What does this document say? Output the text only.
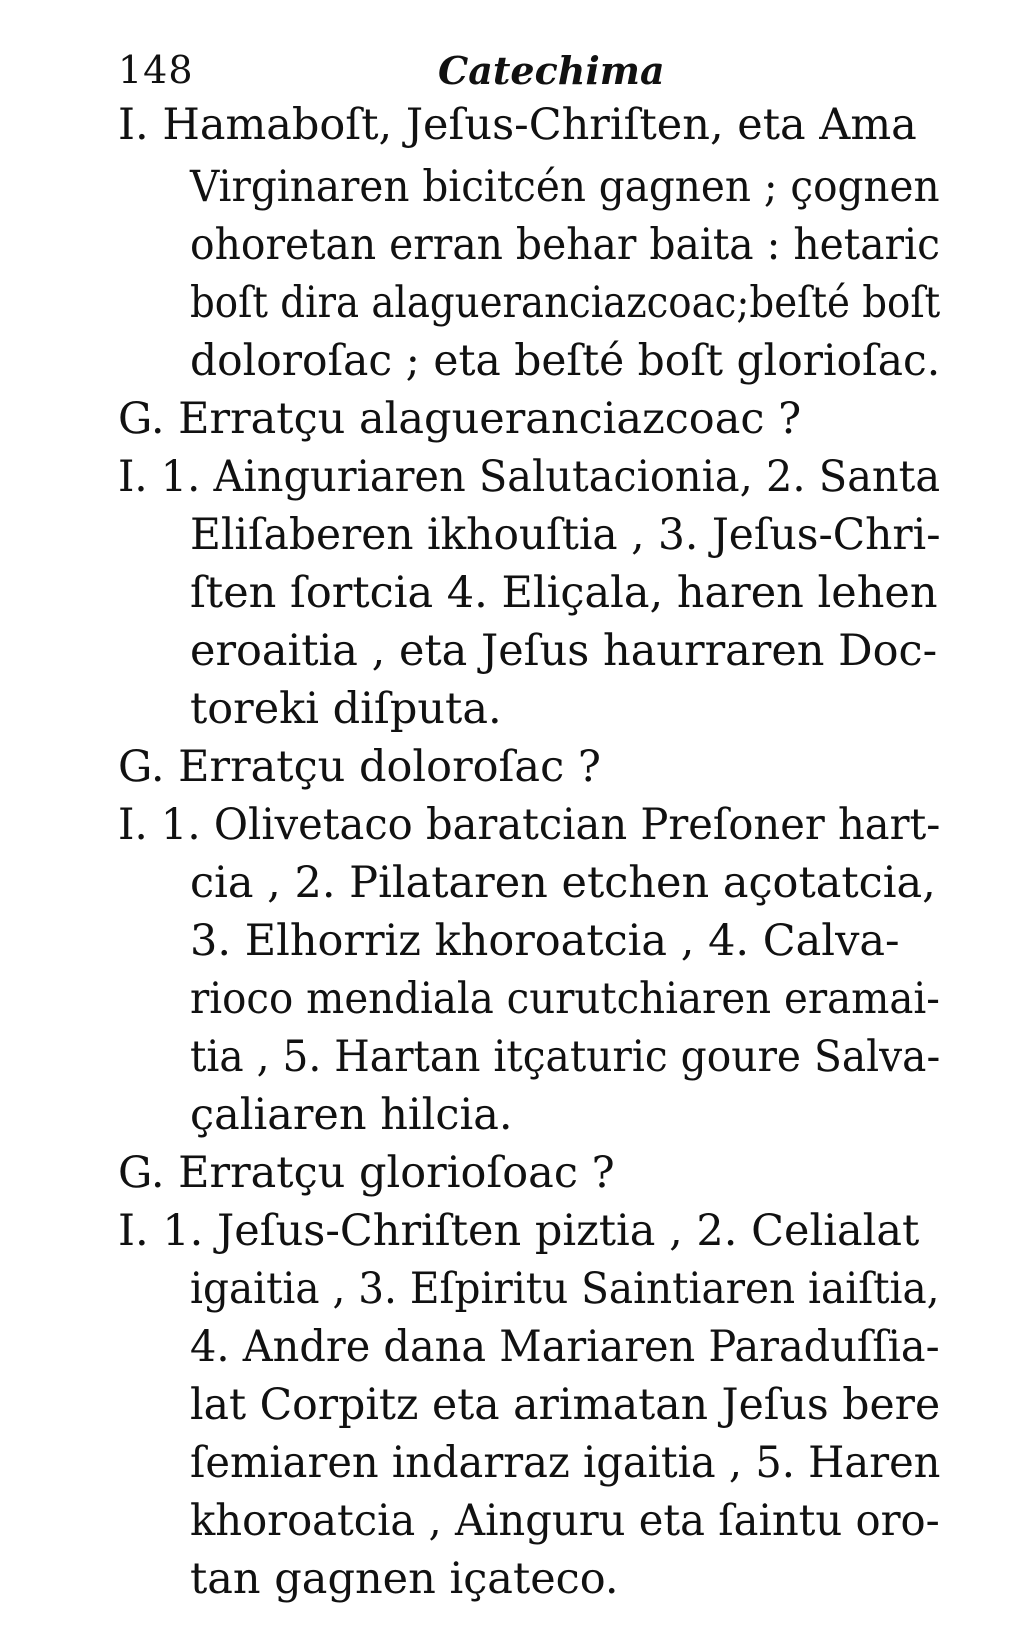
148	Catechima
I. Hamaboſt, Jeſus-Chriſten, eta Ama
Virginaren bicitcén gagnen ; çognen
ohoretan erran behar baita : hetaric
boſt dira alagueranciazcoac;beſté boſt
doloroſac ; eta beſté boſt glorioſac.
G. Erratçu alagueranciazcoac ?
I. 1. Ainguriaren Salutacionia, 2. Santa
Eliſaberen ikhouſtia , 3. Jeſus-Chri-
ſten ſortcia 4. Eliçala, haren lehen
eroaitia , eta Jeſus haurraren Doc-
toreki diſputa.
G. Erratçu doloroſac ?
I. 1. Olivetaco baratcian Preſoner hart-
cia , 2. Pilataren etchen açotatcia,
3. Elhorriz khoroatcia , 4. Calva-
rioco mendiala curutchiaren eramai-
tia , 5. Hartan itçaturic goure Salva-
çaliaren hilcia.
G. Erratçu glorioſoac ?
I. 1. Jeſus-Chriſten piztia , 2. Celialat
igaitia , 3. Eſpiritu Saintiaren iaiſtia,
4. Andre dana Mariaren Paraduſſia-
lat Corpitz eta arimatan Jeſus bere
ſemiaren indarraz igaitia , 5. Haren
khoroatcia , Ainguru eta ſaintu oro-
tan gagnen içateco.
